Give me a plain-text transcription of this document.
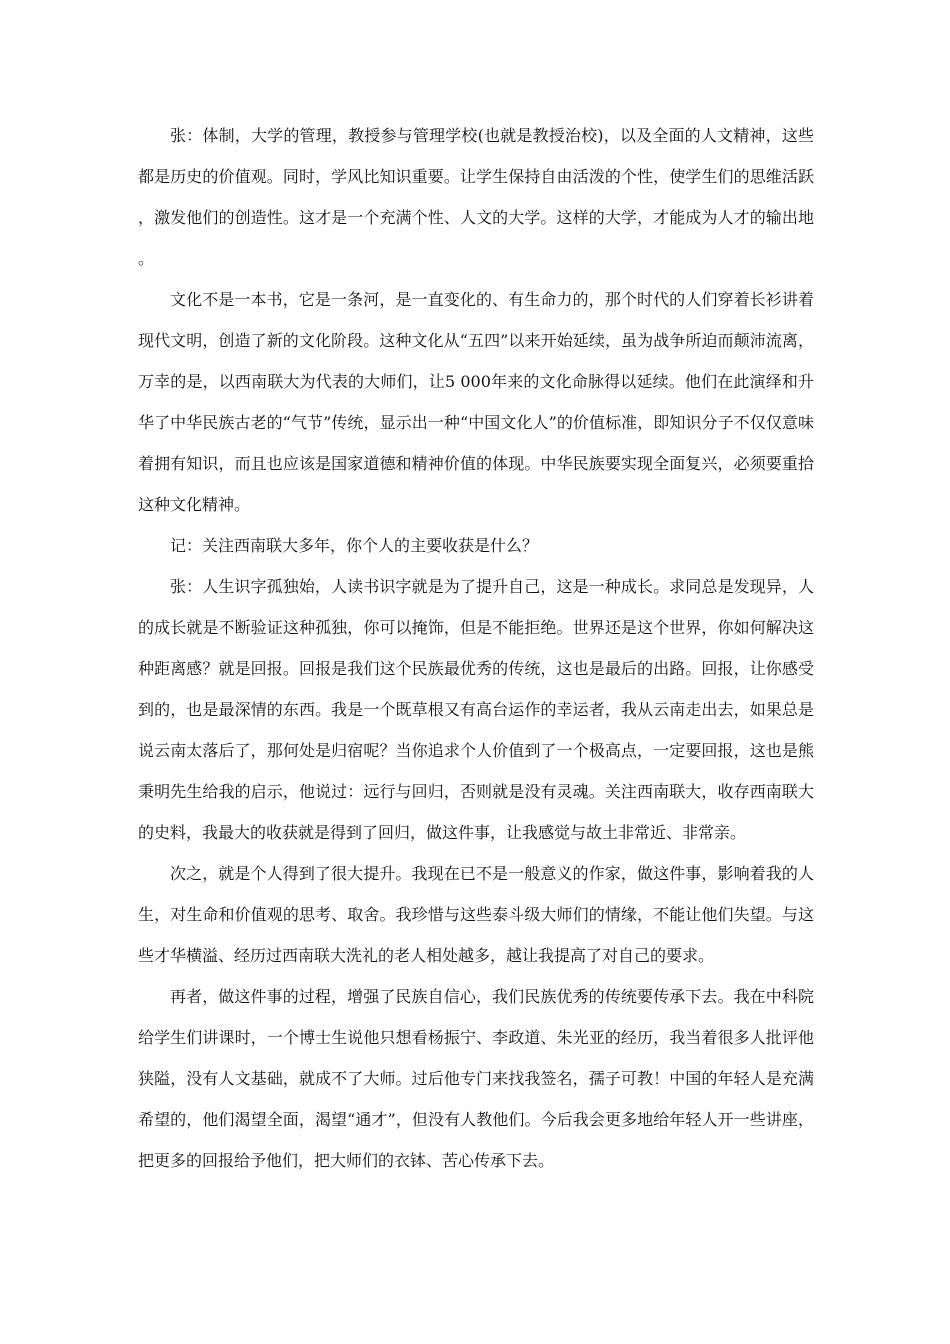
张：体制，大学的管理，教授参与管理学校(也就是教授治校)，以及全面的人文精神，这些都是历史的价值观。同时，学风比知识重要。让学生保持自由活泼的个性，使学生们的思维活跃，激发他们的创造性。这才是一个充满个性、人文的大学。这样的大学，才能成为人才的输出地。

文化不是一本书，它是一条河，是一直变化的、有生命力的，那个时代的人们穿着长衫讲着现代文明，创造了新的文化阶段。这种文化从“五四”以来开始延续，虽为战争所迫而颠沛流离，万幸的是，以西南联大为代表的大师们，让5 000年来的文化命脉得以延续。他们在此演绎和升华了中华民族古老的“气节”传统，显示出一种“中国文化人”的价值标准，即知识分子不仅仅意味着拥有知识，而且也应该是国家道德和精神价值的体现。中华民族要实现全面复兴，必须要重拾这种文化精神。

记：关注西南联大多年，你个人的主要收获是什么？

张：人生识字孤独始，人读书识字就是为了提升自己，这是一种成长。求同总是发现异，人的成长就是不断验证这种孤独，你可以掩饰，但是不能拒绝。世界还是这个世界，你如何解决这种距离感？就是回报。回报是我们这个民族最优秀的传统，这也是最后的出路。回报，让你感受到的，也是最深情的东西。我是一个既草根又有高台运作的幸运者，我从云南走出去，如果总是说云南太落后了，那何处是归宿呢？当你追求个人价值到了一个极高点，一定要回报，这也是熊秉明先生给我的启示，他说过：远行与回归，否则就是没有灵魂。关注西南联大，收存西南联大的史料，我最大的收获就是得到了回归，做这件事，让我感觉与故土非常近、非常亲。

次之，就是个人得到了很大提升。我现在已不是一般意义的作家，做这件事，影响着我的人生，对生命和价值观的思考、取舍。我珍惜与这些泰斗级大师们的情缘，不能让他们失望。与这些才华横溢、经历过西南联大洗礼的老人相处越多，越让我提高了对自己的要求。

再者，做这件事的过程，增强了民族自信心，我们民族优秀的传统要传承下去。我在中科院给学生们讲课时，一个博士生说他只想看杨振宁、李政道、朱光亚的经历，我当着很多人批评他狭隘，没有人文基础，就成不了大师。过后他专门来找我签名，孺子可教！中国的年轻人是充满希望的，他们渴望全面，渴望“通才”，但没有人教他们。今后我会更多地给年轻人开一些讲座，把更多的回报给予他们，把大师们的衣钵、苦心传承下去。
